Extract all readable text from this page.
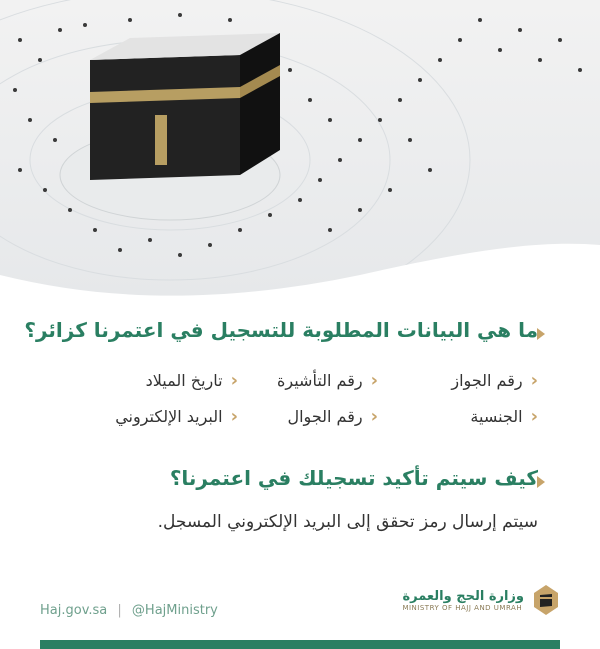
ما هي البيانات المطلوبة للتسجيل في اعتمرنا كزائر؟
‹
رقم الجواز
‹
رقم التأشيرة
‹
تاريخ الميلاد
‹
الجنسية
‹
رقم الجوال
‹
البريد الإلكتروني
كيف سيتم تأكيد تسجيلك في اعتمرنا؟
سيتم إرسال رمز تحقق إلى البريد الإلكتروني المسجل.
Haj.gov.sa | @HajMinistry
وزارة الحج والعمرة
MINISTRY OF HAJJ AND UMRAH
